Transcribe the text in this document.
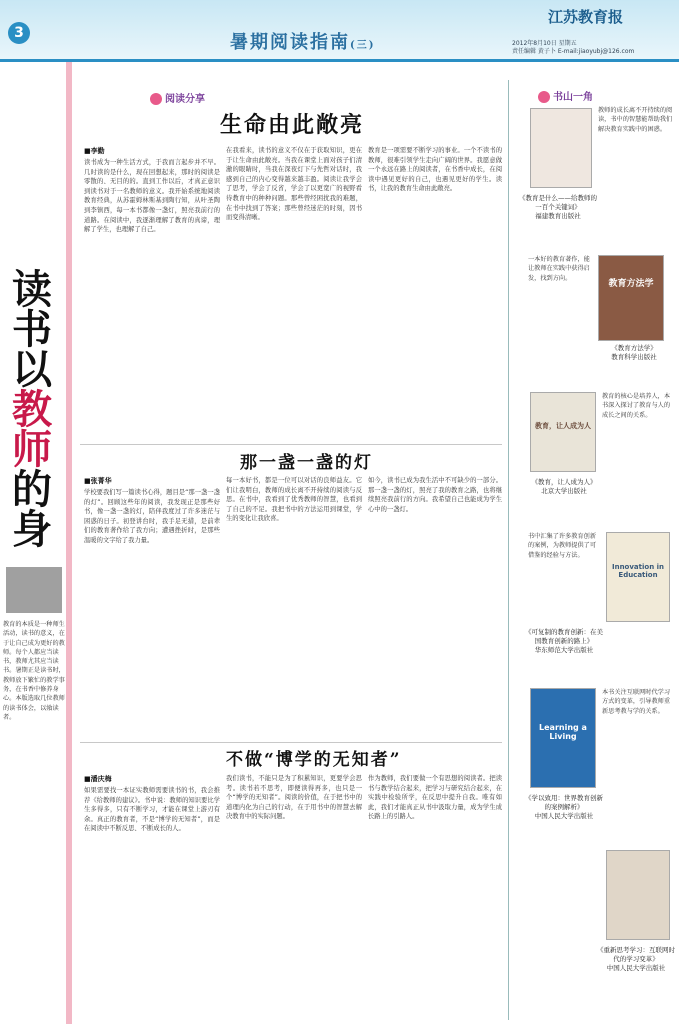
3	暑期阅读指南(三)
江苏教育报
2012年8月10日 星期五
责任编辑 黄子卜 E-mail:jiaoyubj@126.com
读
书
以
教
师
的
身
教育的本质是一种师生活动，读书的意义，在于让自己成为更好的教师。每个人都应当读书，教师尤其应当读书。暑期正是读书时，教师放下繁忙的教学事务，在书香中修养身心。本版选取几位教师的读书体会，以飨读者。
阅读分享	书山一角
生命由此敞亮
■李勤
读书成为一种生活方式，于我而言起步并不早。几时读的是什么，现在回想起来，那时的阅读是零散的、无目的的。直到工作以后，才真正意识到读书对于一名教师的意义。我开始系统地阅读教育经典，从苏霍姆林斯基到陶行知，从叶圣陶到李镇西，每一本书都像一盏灯，照亮我前行的道路。在阅读中，我逐渐理解了教育的真谛，理解了学生，也理解了自己。
在我看来，读书的意义不仅在于获取知识，更在于让生命由此敞亮。当我在课堂上面对孩子们清澈的眼睛时，当我在深夜灯下与先哲对话时，我感到自己的内心变得越来越丰盈。阅读让我学会了思考，学会了反省，学会了以更宽广的视野看待教育中的种种问题。那些曾经困扰我的难题，在书中找到了答案；那些曾经迷茫的时刻，因书而变得清晰。
教育是一项需要不断学习的事业。一个不读书的教师，很难引领学生走向广阔的世界。我愿意做一个永远在路上的阅读者，在书香中成长，在阅读中遇见更好的自己，也遇见更好的学生。读书，让我的教育生命由此敞亮。
那一盏一盏的灯
■张菁华
学校要我们写一篇读书心得，题目是“那一盏一盏的灯”。回顾这些年的阅读，我发现正是那些好书，像一盏一盏的灯，陪伴我度过了许多迷茫与困惑的日子。初登讲台时，我手足无措，是前辈们的教育著作给了我方向；遭遇挫折时，是那些温暖的文字给了我力量。
每一本好书，都是一位可以对话的良师益友。它们让我明白，教师的成长离不开持续的阅读与反思。在书中，我看到了优秀教师的智慧，也看到了自己的不足。我把书中的方法运用到课堂，学生的变化让我欣喜。
如今，读书已成为我生活中不可缺少的一部分。那一盏一盏的灯，照亮了我的教育之路，也将继续照亮我前行的方向。我希望自己也能成为学生心中的一盏灯。
不做“博学的无知者”
■潘庆梅
如果需要找一本证实教师需要读书的书，我会推荐《给教师的建议》。书中说：教师的知识要比学生多得多，只有不断学习，才能在课堂上游刃有余。真正的教育者，不是“博学的无知者”，而是在阅读中不断反思、不断成长的人。
我们读书，不能只是为了积累知识，更要学会思考。读书若不思考，即便读得再多，也只是一个“博学的无知者”。阅读的价值，在于把书中的道理内化为自己的行动，在于用书中的智慧去解决教育中的实际问题。
作为教师，我们要做一个有思想的阅读者。把读书与教学结合起来，把学习与研究结合起来，在实践中检验所学，在反思中提升自我。唯有如此，我们才能真正从书中汲取力量，成为学生成长路上的引路人。
教师的成长离不开持续的阅读，书中的智慧能帮助我们解决教育实践中的困惑。
《教育是什么——给教师的一百个关键词》
福建教育出版社
教育方法学
一本好的教育著作，能让教师在实践中获得启发，找到方向。
《教育方法学》
教育科学出版社
教育，让人成为人
教育的核心是培养人，本书深入探讨了教育与人的成长之间的关系。
《教育，让人成为人》
北京大学出版社
Innovation in Education
书中汇集了许多教育创新的案例，为教师提供了可借鉴的经验与方法。
《可复制的教育创新：在美国教育创新的路上》
华东师范大学出版社
Learning a Living
本书关注互联网时代学习方式的变革，引导教师重新思考教与学的关系。
《学以致用：世界教育创新的案例解析》
中国人民大学出版社
《重新思考学习：互联网时代的学习变革》
中国人民大学出版社
